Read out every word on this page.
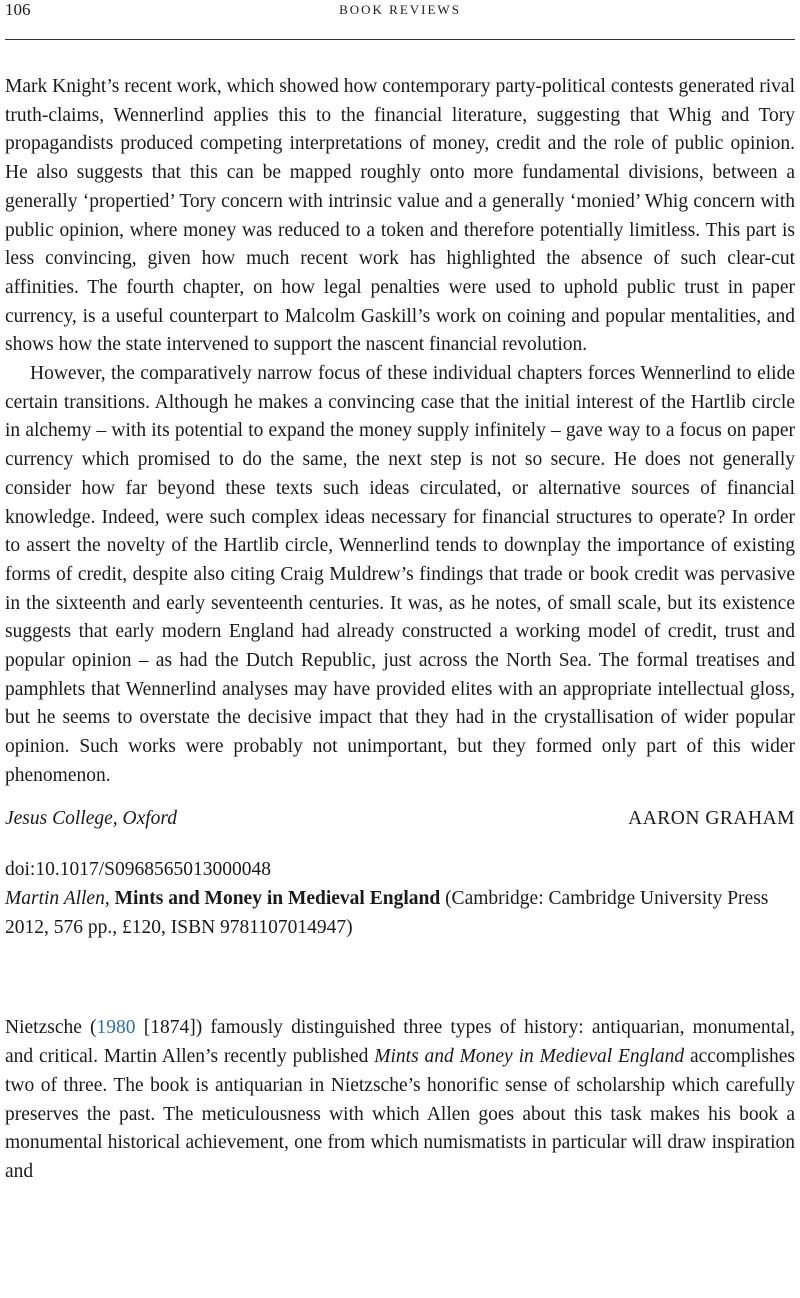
106	BOOK REVIEWS

Mark Knight’s recent work, which showed how contemporary party-political contests generated rival truth-claims, Wennerlind applies this to the financial literature, suggesting that Whig and Tory propagandists produced competing interpretations of money, credit and the role of public opinion. He also suggests that this can be mapped roughly onto more fundamental divisions, between a generally ‘propertied’ Tory concern with intrinsic value and a generally ‘monied’ Whig concern with public opinion, where money was reduced to a token and therefore potentially limitless. This part is less convincing, given how much recent work has highlighted the absence of such clear-cut affinities. The fourth chapter, on how legal penalties were used to uphold public trust in paper currency, is a useful counterpart to Malcolm Gaskill’s work on coining and popular mentalities, and shows how the state intervened to support the nascent financial revolution.

However, the comparatively narrow focus of these individual chapters forces Wennerlind to elide certain transitions. Although he makes a convincing case that the initial interest of the Hartlib circle in alchemy – with its potential to expand the money supply infinitely – gave way to a focus on paper currency which promised to do the same, the next step is not so secure. He does not generally consider how far beyond these texts such ideas circulated, or alternative sources of financial knowledge. Indeed, were such complex ideas necessary for financial structures to operate? In order to assert the novelty of the Hartlib circle, Wennerlind tends to downplay the importance of existing forms of credit, despite also citing Craig Muldrew’s findings that trade or book credit was pervasive in the sixteenth and early seventeenth centuries. It was, as he notes, of small scale, but its existence suggests that early modern England had already constructed a working model of credit, trust and popular opinion – as had the Dutch Republic, just across the North Sea. The formal treatises and pamphlets that Wennerlind analyses may have provided elites with an appropriate intellectual gloss, but he seems to overstate the decisive impact that they had in the crystallisation of wider popular opinion. Such works were probably not unimportant, but they formed only part of this wider phenomenon.

Jesus College, Oxford	AARON GRAHAM
doi:10.1017/S0968565013000048
Martin Allen, Mints and Money in Medieval England (Cambridge: Cambridge University Press 2012, 576 pp., £120, ISBN 9781107014947)

Nietzsche (1980 [1874]) famously distinguished three types of history: antiquarian, monumental, and critical. Martin Allen’s recently published Mints and Money in Medieval England accomplishes two of three. The book is antiquarian in Nietzsche’s honorific sense of scholarship which carefully preserves the past. The meticulousness with which Allen goes about this task makes his book a monumental historical achievement, one from which numismatists in particular will draw inspiration and
